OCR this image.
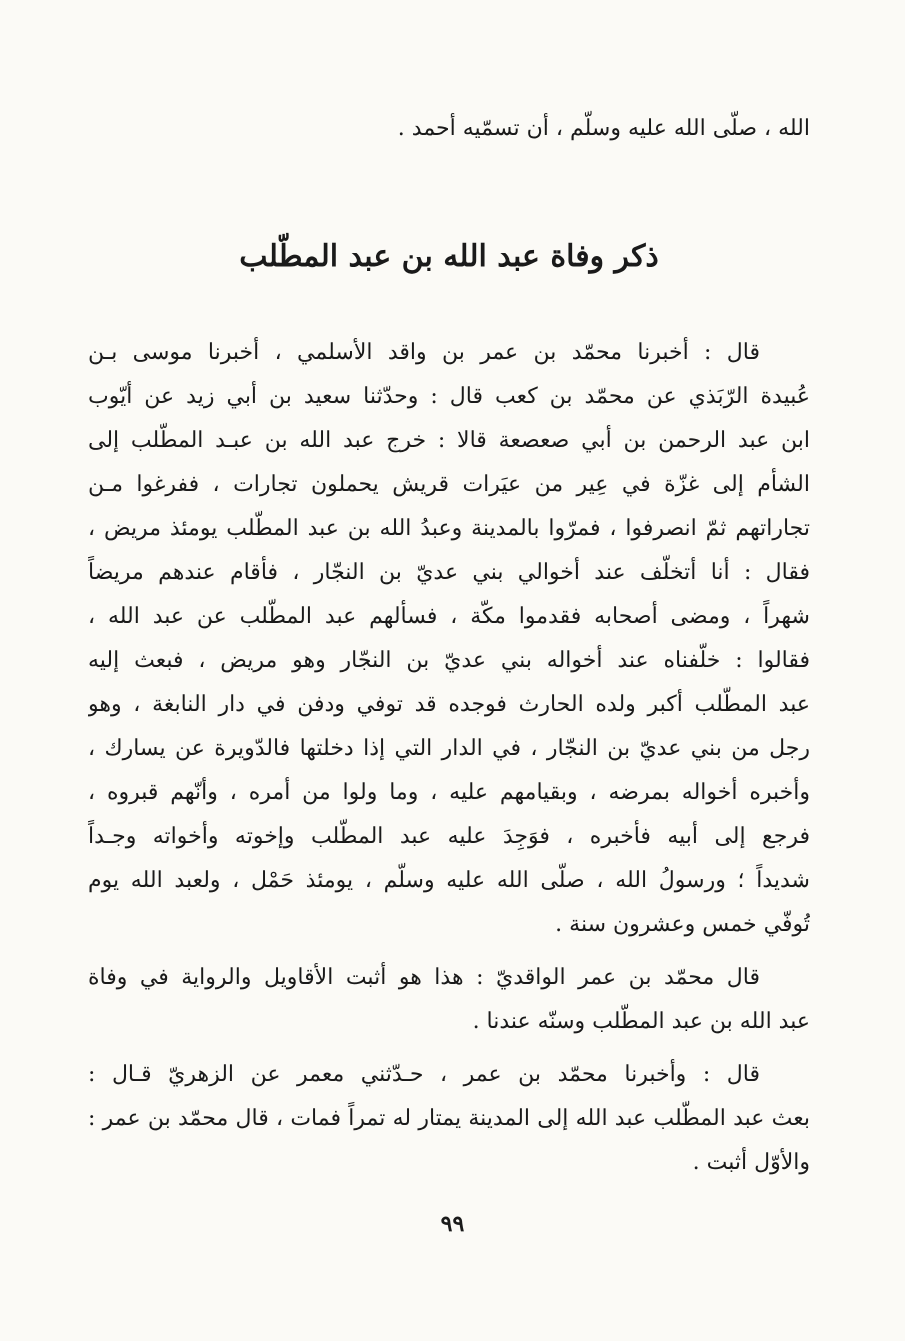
الله ، صلّى الله عليه وسلّم ، أن تسمّيه أحمد .
ذكر وفاة عبد الله بن عبد المطّلب
قال : أخبرنا محمّد بن عمر بن واقد الأسلمي ، أخبرنا موسى بـن
عُبيدة الرّبَذي عن محمّد بن كعب قال : وحدّثنا سعيد بن أبي زيد عن أيّوب
ابن عبد الرحمن بن أبي صعصعة قالا : خرج عبد الله بن عبـد المطّلب إلى
الشأم إلى غزّة في عِير من عيَرات قريش يحملون تجارات ، ففرغوا مـن
تجاراتهم ثمّ انصرفوا ، فمرّوا بالمدينة وعبدُ الله بن عبد المطّلب يومئذ مريض ،
فقال : أنا أتخلّف عند أخوالي بني عديّ بن النجّار ، فأقام عندهم مريضاً
شهراً ، ومضى أصحابه فقدموا مكّة ، فسألهم عبد المطّلب عن عبد الله ،
فقالوا : خلّفناه عند أخواله بني عديّ بن النجّار وهو مريض ، فبعث إليه
عبد المطّلب أكبر ولده الحارث فوجده قد توفي ودفن في دار النابغة ، وهو
رجل من بني عديّ بن النجّار ، في الدار التي إذا دخلتها فالدّويرة عن يسارك ،
وأخبره أخواله بمرضه ، وبقيامهم عليه ، وما ولوا من أمره ، وأنّهم قبروه ،
فرجع إلى أبيه فأخبره ، فوَجِدَ عليه عبد المطّلب وإخوته وأخواته وجـداً
شديداً ؛ ورسولُ الله ، صلّى الله عليه وسلّم ، يومئذ حَمْل ، ولعبد الله يوم
تُوفّي خمس وعشرون سنة .
قال محمّد بن عمر الواقديّ : هذا هو أثبت الأقاويل والرواية في وفاة
عبد الله بن عبد المطّلب وسنّه عندنا .
قال : وأخبرنا محمّد بن عمر ، حـدّثني معمر عن الزهريّ قـال :
بعث عبد المطّلب عبد الله إلى المدينة يمتار له تمراً فمات ، قال محمّد بن عمر :
والأوّل أثبت .
٩٩
